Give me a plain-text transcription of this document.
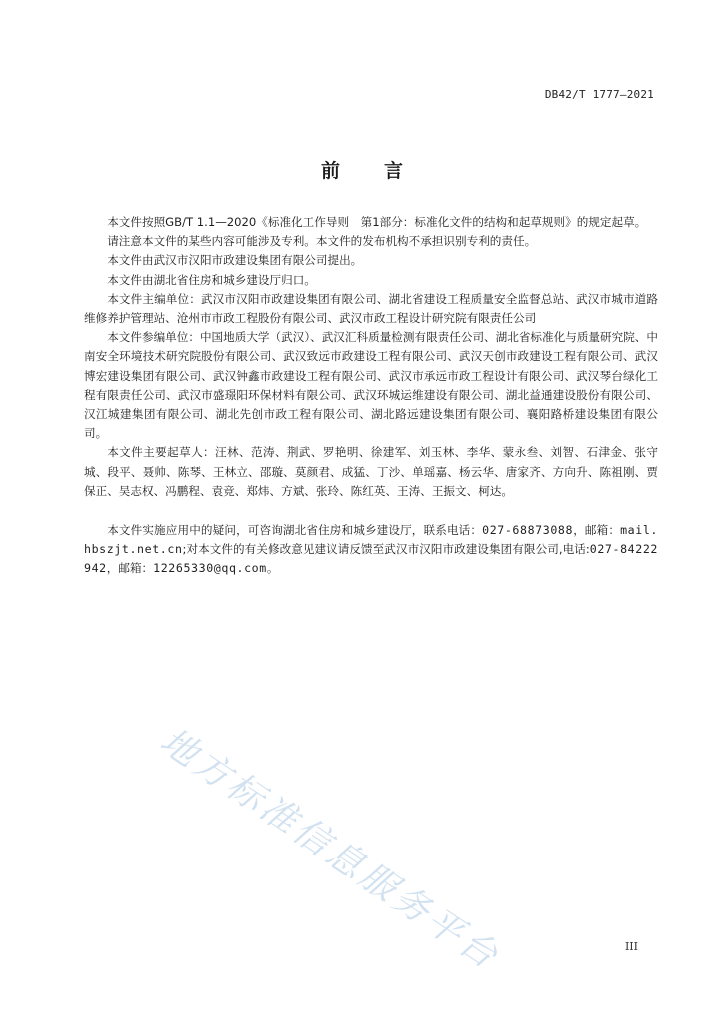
DB42/T 1777—2021
前 言

本文件按照GB/T 1.1—2020《标准化工作导则　第1部分：标准化文件的结构和起草规则》的规定起草。

请注意本文件的某些内容可能涉及专利。本文件的发布机构不承担识别专利的责任。

本文件由武汉市汉阳市政建设集团有限公司提出。

本文件由湖北省住房和城乡建设厅归口。

本文件主编单位：武汉市汉阳市政建设集团有限公司、湖北省建设工程质量安全监督总站、武汉市城市道路维修养护管理站、沧州市市政工程股份有限公司、武汉市政工程设计研究院有限责任公司

本文件参编单位：中国地质大学（武汉）、武汉汇科质量检测有限责任公司、湖北省标准化与质量研究院、中南安全环境技术研究院股份有限公司、武汉致远市政建设工程有限公司、武汉天创市政建设工程有限公司、武汉博宏建设集团有限公司、武汉钟鑫市政建设工程有限公司、武汉市承远市政工程设计有限公司、武汉琴台绿化工程有限责任公司、武汉市盛璟阳环保材料有限公司、武汉环城运维建设有限公司、湖北益通建设股份有限公司、汉江城建集团有限公司、湖北先创市政工程有限公司、湖北路远建设集团有限公司、襄阳路桥建设集团有限公司。

本文件主要起草人：汪林、范涛、荆武、罗艳明、徐建军、刘玉林、李华、蒙永叁、刘智、石津金、张守城、段平、聂帅、陈琴、王林立、邵璇、莫颜君、成猛、丁沙、单瑶嘉、杨云华、唐家齐、方向升、陈祖刚、贾保正、吴志权、冯鹏程、袁竞、郑炜、方斌、张玲、陈红英、王涛、王振文、柯达。

本文件实施应用中的疑问，可咨询湖北省住房和城乡建设厅，联系电话：027-68873088，邮箱：mail.hbszjt.net.cn;对本文件的有关修改意见建议请反馈至武汉市汉阳市政建设集团有限公司,电话:027-84222942，邮箱：12265330@qq.com。

地方标准信息服务平台	III
